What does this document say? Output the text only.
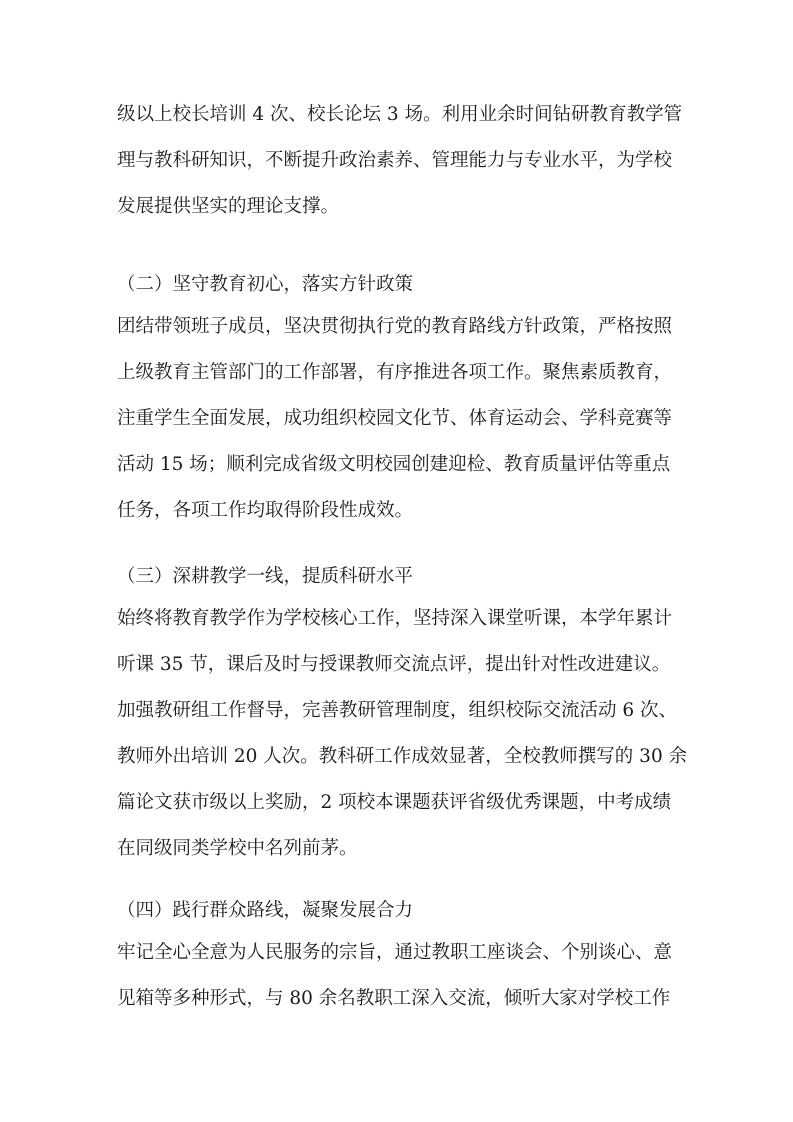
级以上校长培训 4 次、校长论坛 3 场。利用业余时间钻研教育教学管
理与教科研知识，不断提升政治素养、管理能力与专业水平，为学校
发展提供坚实的理论支撑。
（二）坚守教育初心，落实方针政策
团结带领班子成员，坚决贯彻执行党的教育路线方针政策，严格按照
上级教育主管部门的工作部署，有序推进各项工作。聚焦素质教育，
注重学生全面发展，成功组织校园文化节、体育运动会、学科竞赛等
活动 15 场；顺利完成省级文明校园创建迎检、教育质量评估等重点
任务，各项工作均取得阶段性成效。
（三）深耕教学一线，提质科研水平
始终将教育教学作为学校核心工作，坚持深入课堂听课，本学年累计
听课 35 节，课后及时与授课教师交流点评，提出针对性改进建议。
加强教研组工作督导，完善教研管理制度，组织校际交流活动 6 次、
教师外出培训 20 人次。教科研工作成效显著，全校教师撰写的 30 余
篇论文获市级以上奖励，2 项校本课题获评省级优秀课题，中考成绩
在同级同类学校中名列前茅。
（四）践行群众路线，凝聚发展合力
牢记全心全意为人民服务的宗旨，通过教职工座谈会、个别谈心、意
见箱等多种形式，与 80 余名教职工深入交流，倾听大家对学校工作
